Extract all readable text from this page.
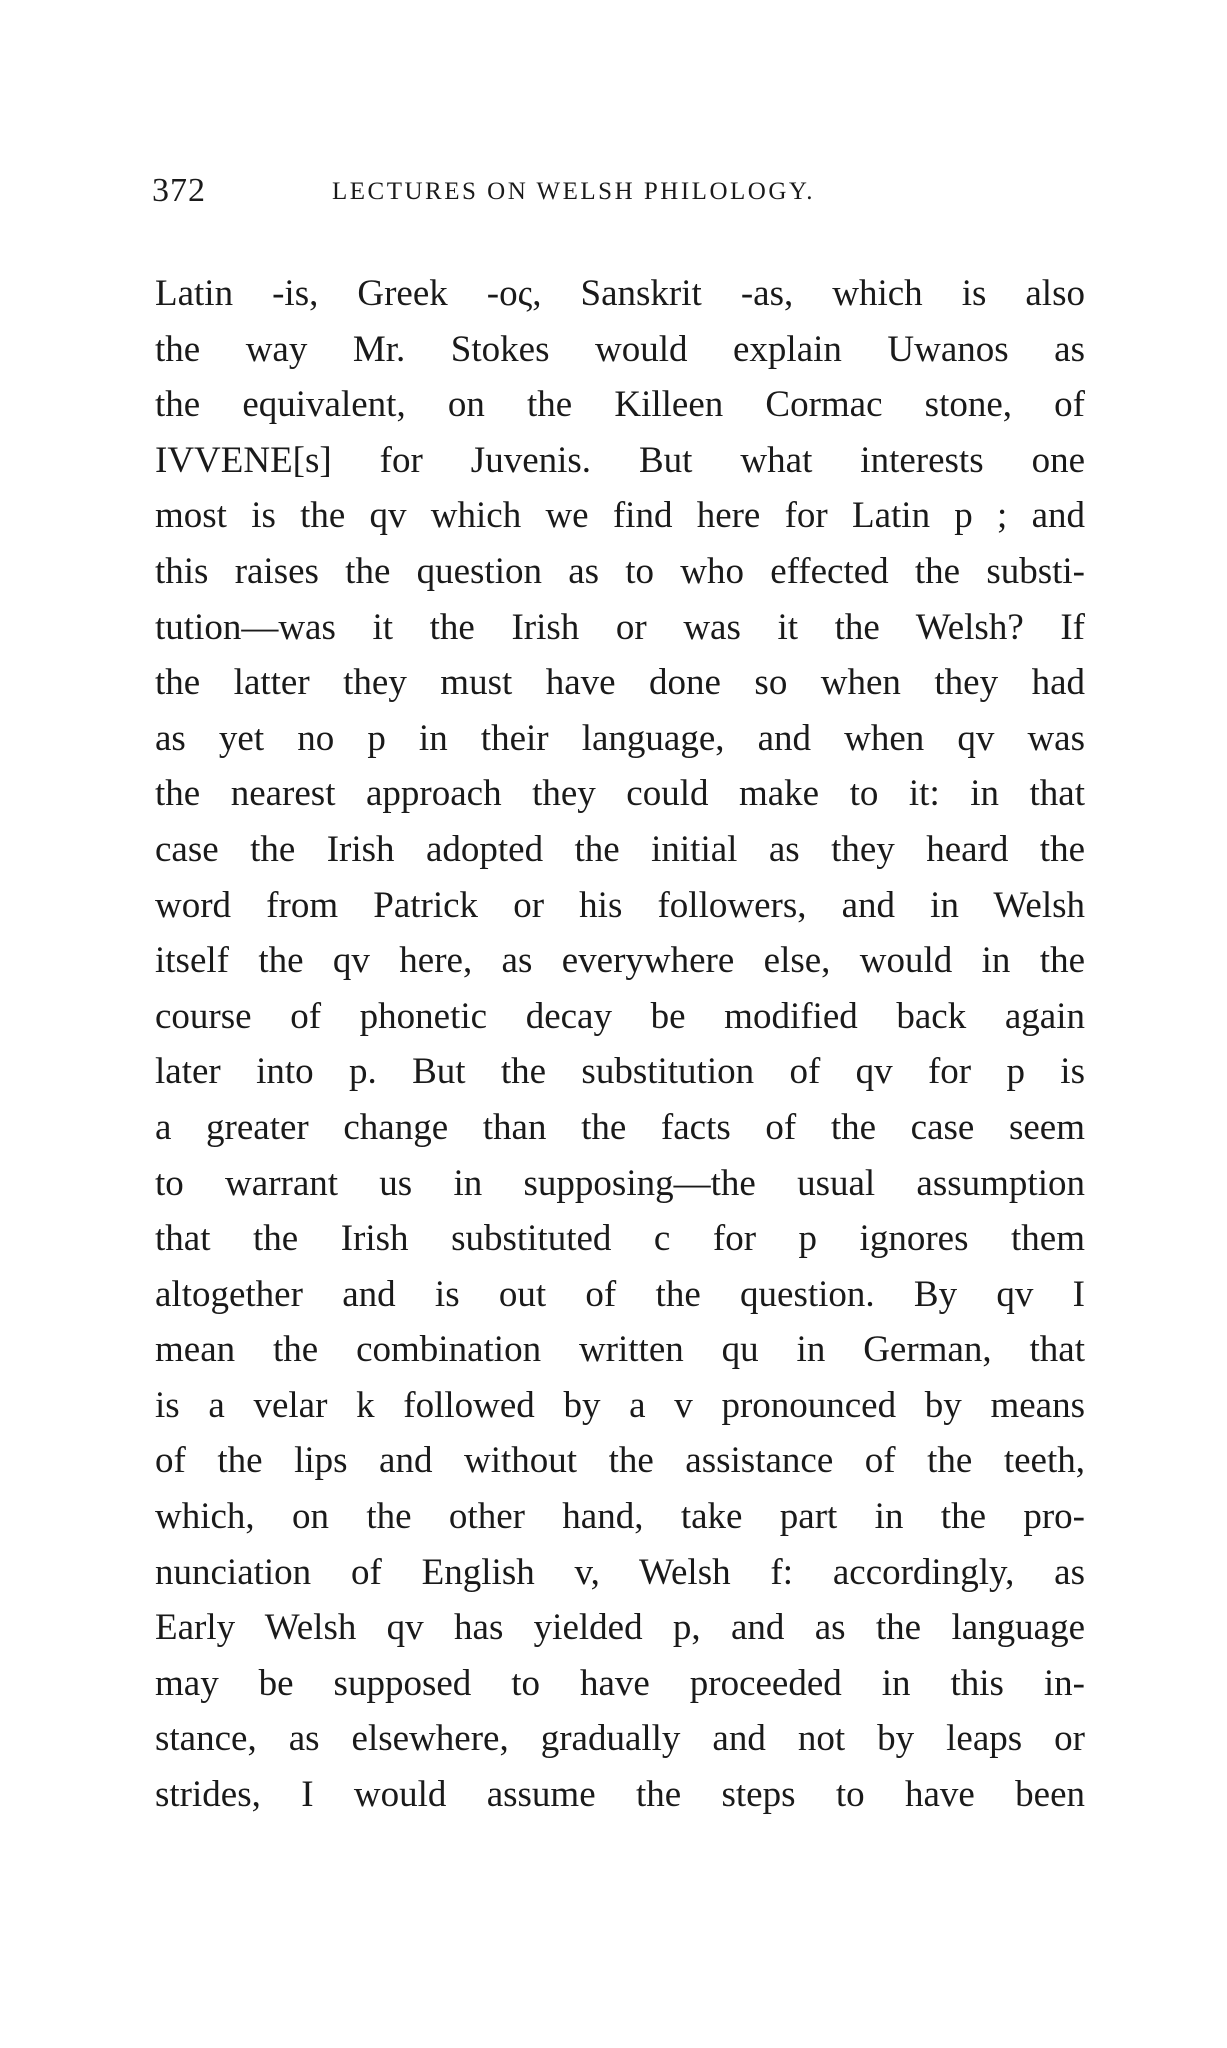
372	LECTURES ON WELSH PHILOLOGY.
Latin -is, Greek -ος, Sanskrit -as, which is also
the way Mr. Stokes would explain Uwanos as
the equivalent, on the Killeen Cormac stone, of
IVVENE[s] for Juvenis. But what interests one
most is the qv which we find here for Latin p ; and
this raises the question as to who effected the substi-
tution—was it the Irish or was it the Welsh? If
the latter they must have done so when they had
as yet no p in their language, and when qv was
the nearest approach they could make to it: in that
case the Irish adopted the initial as they heard the
word from Patrick or his followers, and in Welsh
itself the qv here, as everywhere else, would in the
course of phonetic decay be modified back again
later into p. But the substitution of qv for p is
a greater change than the facts of the case seem
to warrant us in supposing—the usual assumption
that the Irish substituted c for p ignores them
altogether and is out of the question. By qv I
mean the combination written qu in German, that
is a velar k followed by a v pronounced by means
of the lips and without the assistance of the teeth,
which, on the other hand, take part in the pro-
nunciation of English v, Welsh f: accordingly, as
Early Welsh qv has yielded p, and as the language
may be supposed to have proceeded in this in-
stance, as elsewhere, gradually and not by leaps or
strides, I would assume the steps to have been
